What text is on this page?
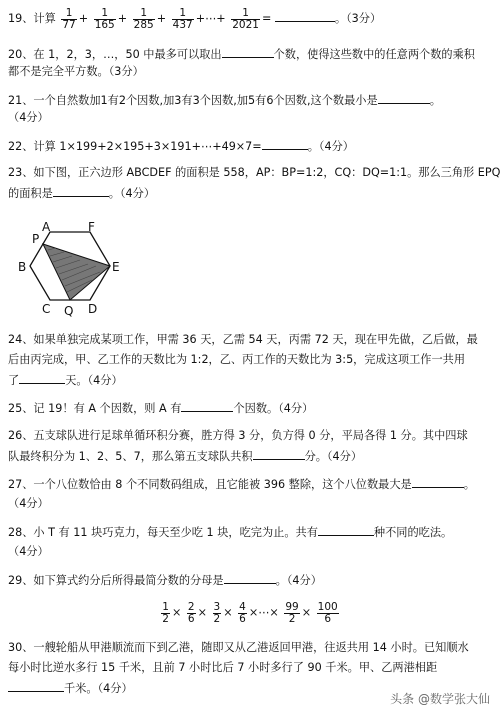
19、计算 $\frac{1}{77} + \frac{1}{165} + \frac{1}{285} + \frac{1}{437}$ +⋯+ $\frac{1}{2021}$ =	。（3分）
20、在 1，2，3，…，50 中最多可以取出	个数，使得这些数中的任意两个数的乘积
都不是完全平方数。（3分）
21、一个自然数加1有2个因数,加3有3个因数,加5有6个因数,这个数最小是	。
（4分）
22、计算 1×199+2×195+3×191+⋯+49×7=	。（4分）
23、如下图，正六边形 ABCDEF 的面积是 558，AP：BP=1:2，CQ：DQ=1:1。那么三角形 EPQ
的面积是	。（4分）
P
A	F
B	E
C Q D
24、如果单独完成某项工作，甲需 36 天，乙需 54 天，丙需 72 天，现在甲先做，乙后做，最
后由丙完成，甲、乙工作的天数比为 1:2，乙、丙工作的天数比为 3:5，完成这项工作一共用
了	天。（4分）
25、记 19！有 A 个因数，则 A 有	个因数。（4分）
26、五支球队进行足球单循环积分赛，胜方得 3 分，负方得 0 分，平局各得 1 分。其中四球
队最终积分为 1、2、5、7，那么第五支球队共积	分。（4分）
27、一个八位数恰由 8 个不同数码组成，且它能被 396 整除，这个八位数最大是	。
（4分）
28、小 T 有 11 块巧克力，每天至少吃 1 块，吃完为止。共有	种不同的吃法。
（4分）
29、如下算式约分后所得最简分数的分母是	。（4分）
$\frac{1}{2} \times \frac{2}{6} \times \frac{3}{2} \times \frac{4}{6}$ ×⋯× $\frac{99}{2} \times \frac{100}{6}$
30、一艘轮船从甲港顺流而下到乙港，随即又从乙港返回甲港，往返共用 14 小时。已知顺水
每小时比逆水多行 15 千米，且前 7 小时比后 7 小时多行了 90 千米。甲、乙两港相距
千米。（4分）
头条 @数学张大仙
